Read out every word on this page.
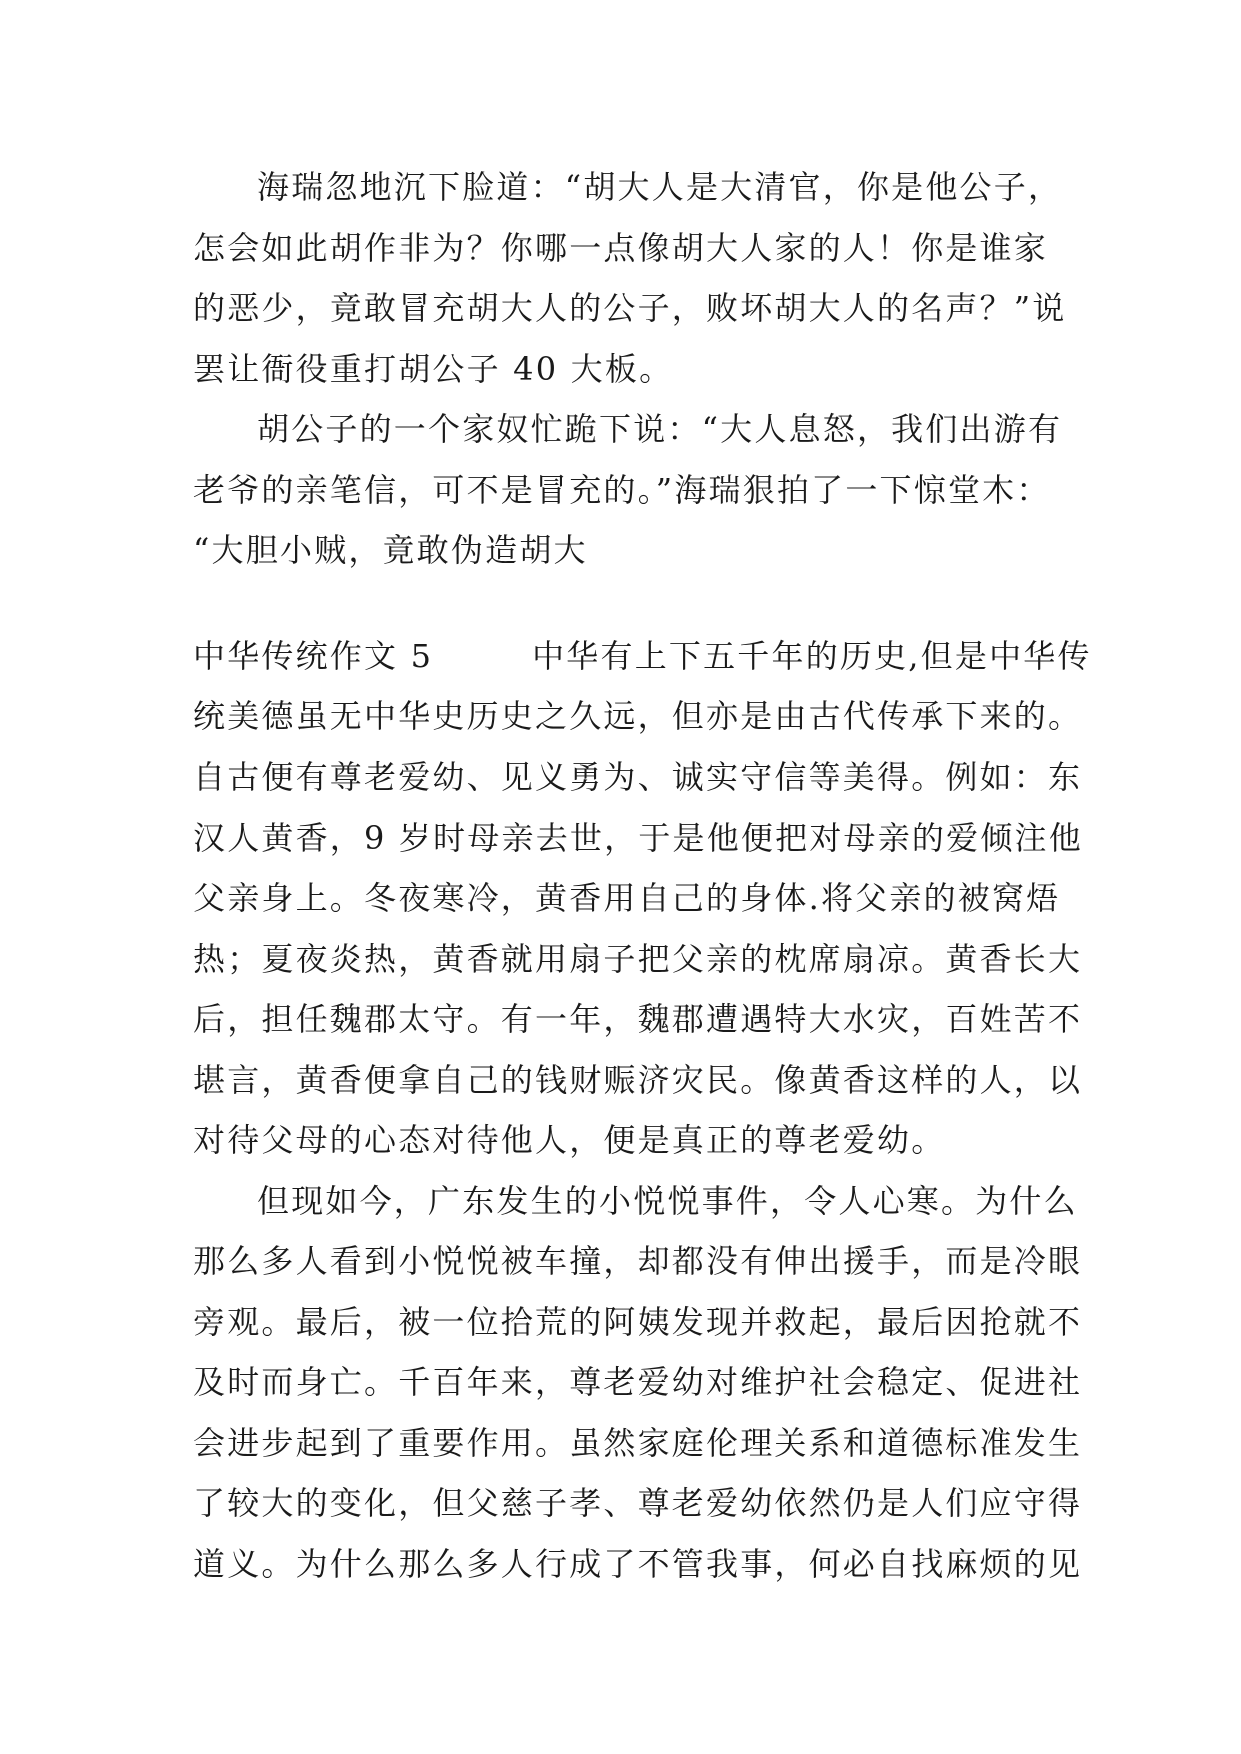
海瑞忽地沉下脸道：“胡大人是大清官，你是他公子，
怎会如此胡作非为？你哪一点像胡大人家的人！你是谁家
的恶少，竟敢冒充胡大人的公子，败坏胡大人的名声？”说
罢让衙役重打胡公子 40 大板。
胡公子的一个家奴忙跪下说：“大人息怒，我们出游有
老爷的亲笔信，可不是冒充的。”海瑞狠拍了一下惊堂木：
“大胆小贼，竟敢伪造胡大
中华传统作文 5        中华有上下五千年的历史,但是中华传
统美德虽无中华史历史之久远，但亦是由古代传承下来的。
自古便有尊老爱幼、见义勇为、诚实守信等美得。例如：东
汉人黄香，9 岁时母亲去世，于是他便把对母亲的爱倾注他
父亲身上。冬夜寒冷，黄香用自己的身体.将父亲的被窝焐
热；夏夜炎热，黄香就用扇子把父亲的枕席扇凉。黄香长大
后，担任魏郡太守。有一年，魏郡遭遇特大水灾，百姓苦不
堪言，黄香便拿自己的钱财赈济灾民。像黄香这样的人，以
对待父母的心态对待他人，便是真正的尊老爱幼。
但现如今，广东发生的小悦悦事件，令人心寒。为什么
那么多人看到小悦悦被车撞，却都没有伸出援手，而是冷眼
旁观。最后，被一位拾荒的阿姨发现并救起，最后因抢就不
及时而身亡。千百年来，尊老爱幼对维护社会稳定、促进社
会进步起到了重要作用。虽然家庭伦理关系和道德标准发生
了较大的变化，但父慈子孝、尊老爱幼依然仍是人们应守得
道义。为什么那么多人行成了不管我事，何必自找麻烦的见
